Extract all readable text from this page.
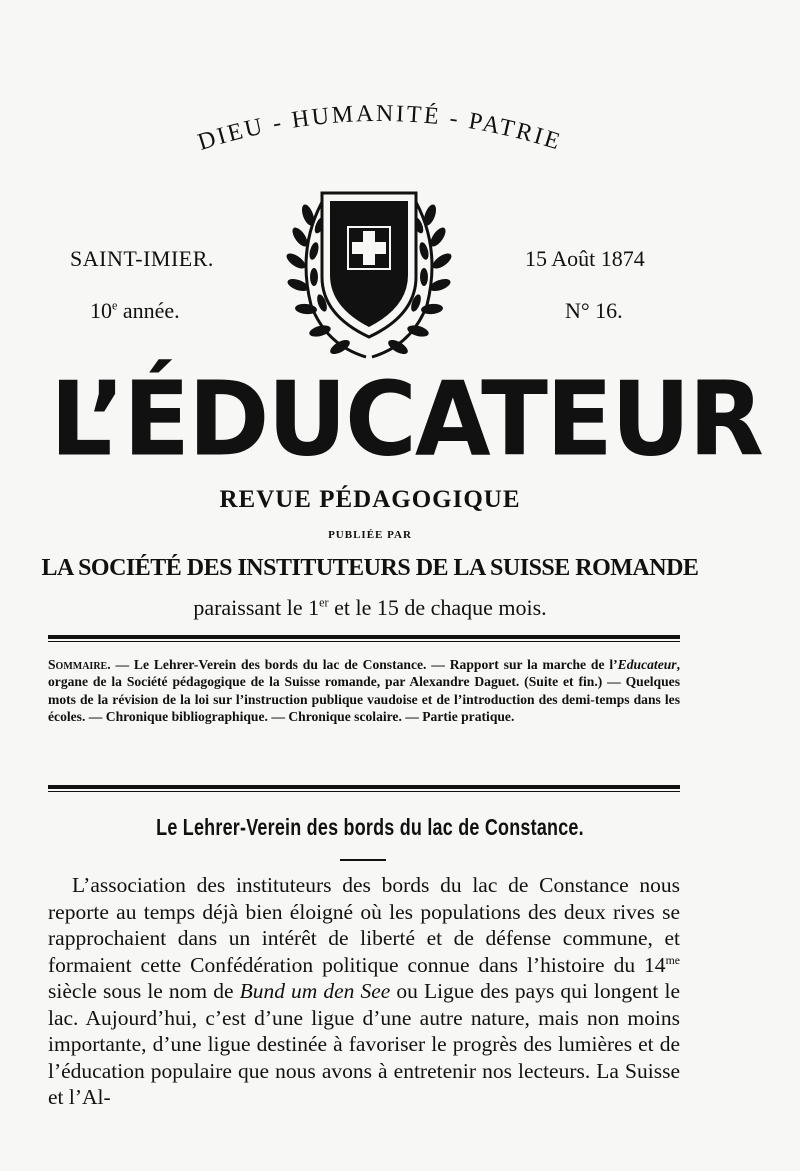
DIEU - HUMANITÉ - PATRIE
SAINT-IMIER.	15 Août 1874
10e année.	N° 16.
L’ÉDUCATEUR
REVUE PÉDAGOGIQUE
PUBLIÉE PAR
LA SOCIÉTÉ DES INSTITUTEURS DE LA SUISSE ROMANDE
paraissant le 1er et le 15 de chaque mois.
Sommaire. — Le Lehrer-Verein des bords du lac de Constance. — Rapport sur la marche de l’Educateur, organe de la Société pédagogique de la Suisse romande, par Alexandre Daguet. (Suite et fin.) — Quelques mots de la révision de la loi sur l’instruction publique vaudoise et de l’introduction des demi-temps dans les écoles. — Chronique bibliographique. — Chronique scolaire. — Partie pratique.
Le Lehrer-Verein des bords du lac de Constance.

L’association des instituteurs des bords du lac de Constance nous reporte au temps déjà bien éloigné où les populations des deux rives se rapprochaient dans un intérêt de liberté et de défense commune, et formaient cette Confédération politique connue dans l’histoire du $14^{me}$ siècle sous le nom de Bund um den See ou Ligue des pays qui longent le lac. Aujourd’hui, c’est d’une ligue d’une autre nature, mais non moins importante, d’une ligue destinée à favoriser le progrès des lumières et de l’éducation populaire que nous avons à entretenir nos lecteurs. La Suisse et l’Al-
